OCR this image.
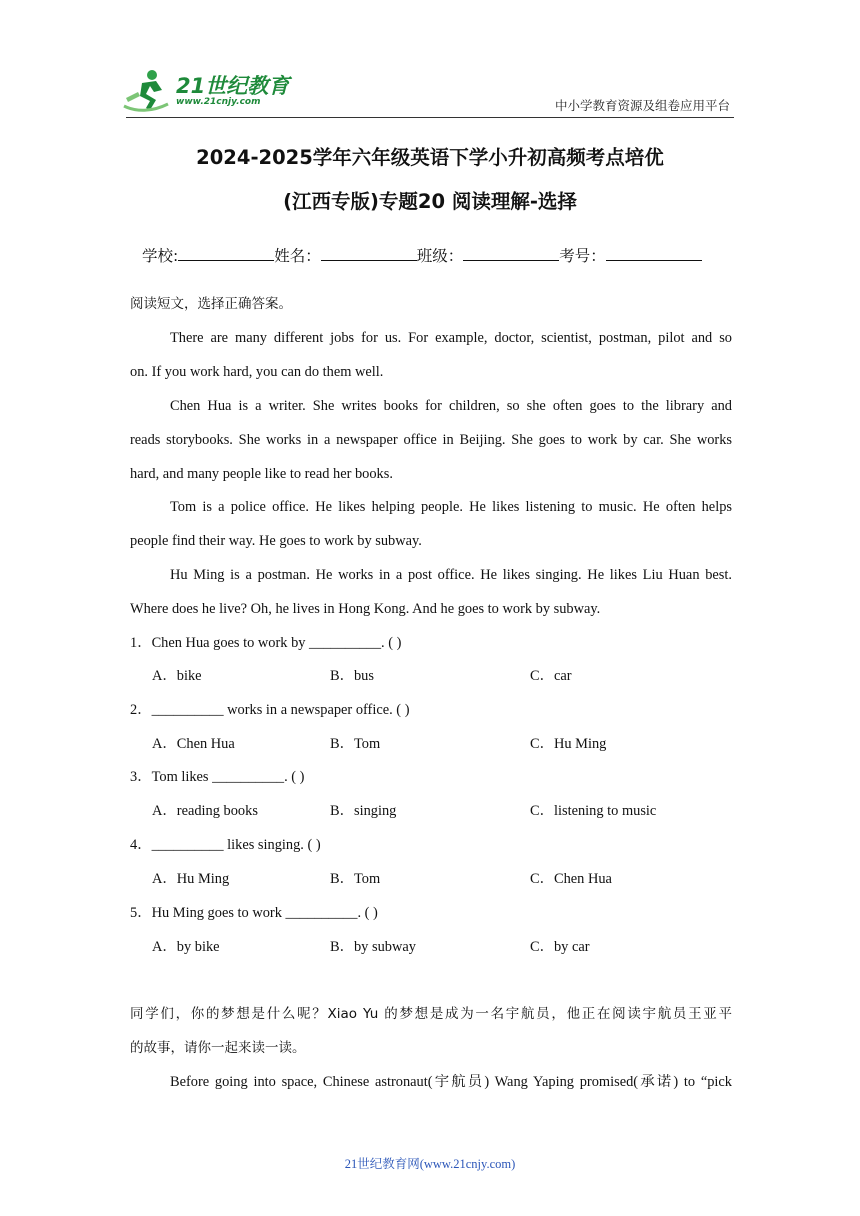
21世纪教育
www.21cnjy.com	中小学教育资源及组卷应用平台
2024-2025学年六年级英语下学小升初高频考点培优
(江西专版)专题20 阅读理解-选择
学校:	姓名：	班级：	考号：
阅读短文，选择正确答案。
There are many different jobs for us. For example, doctor, scientist, postman, pilot and so
on. If you work hard, you can do them well.
Chen Hua is a writer. She writes books for children, so she often goes to the library and
reads storybooks. She works in a newspaper office in Beijing. She goes to work by car. She works
hard, and many people like to read her books.
Tom is a police office. He likes helping people. He likes listening to music. He often helps
people find their way. He goes to work by subway.
Hu Ming is a postman. He works in a post office. He likes singing. He likes Liu Huan best.
Where does he live? Oh, he lives in Hong Kong. And he goes to work by subway.
1．Chen Hua goes to work by __________. ( )
A．bike	B．bus	C．car
2．__________ works in a newspaper office. ( )
A．Chen Hua	B．Tom	C．Hu Ming
3．Tom likes __________. ( )
A．reading books	B．singing	C．listening to music
4．__________ likes singing. ( )
A．Hu Ming	B．Tom	C．Chen Hua
5．Hu Ming goes to work __________. ( )
A．by bike	B．by subway	C．by car
同学们，你的梦想是什么呢？Xiao Yu 的梦想是成为一名宇航员，他正在阅读宇航员王亚平
的故事，请你一起来读一读。
Before going into space, Chinese astronaut(宇航员) Wang Yaping promised(承诺) to “pick
21世纪教育网(www.21cnjy.com)
